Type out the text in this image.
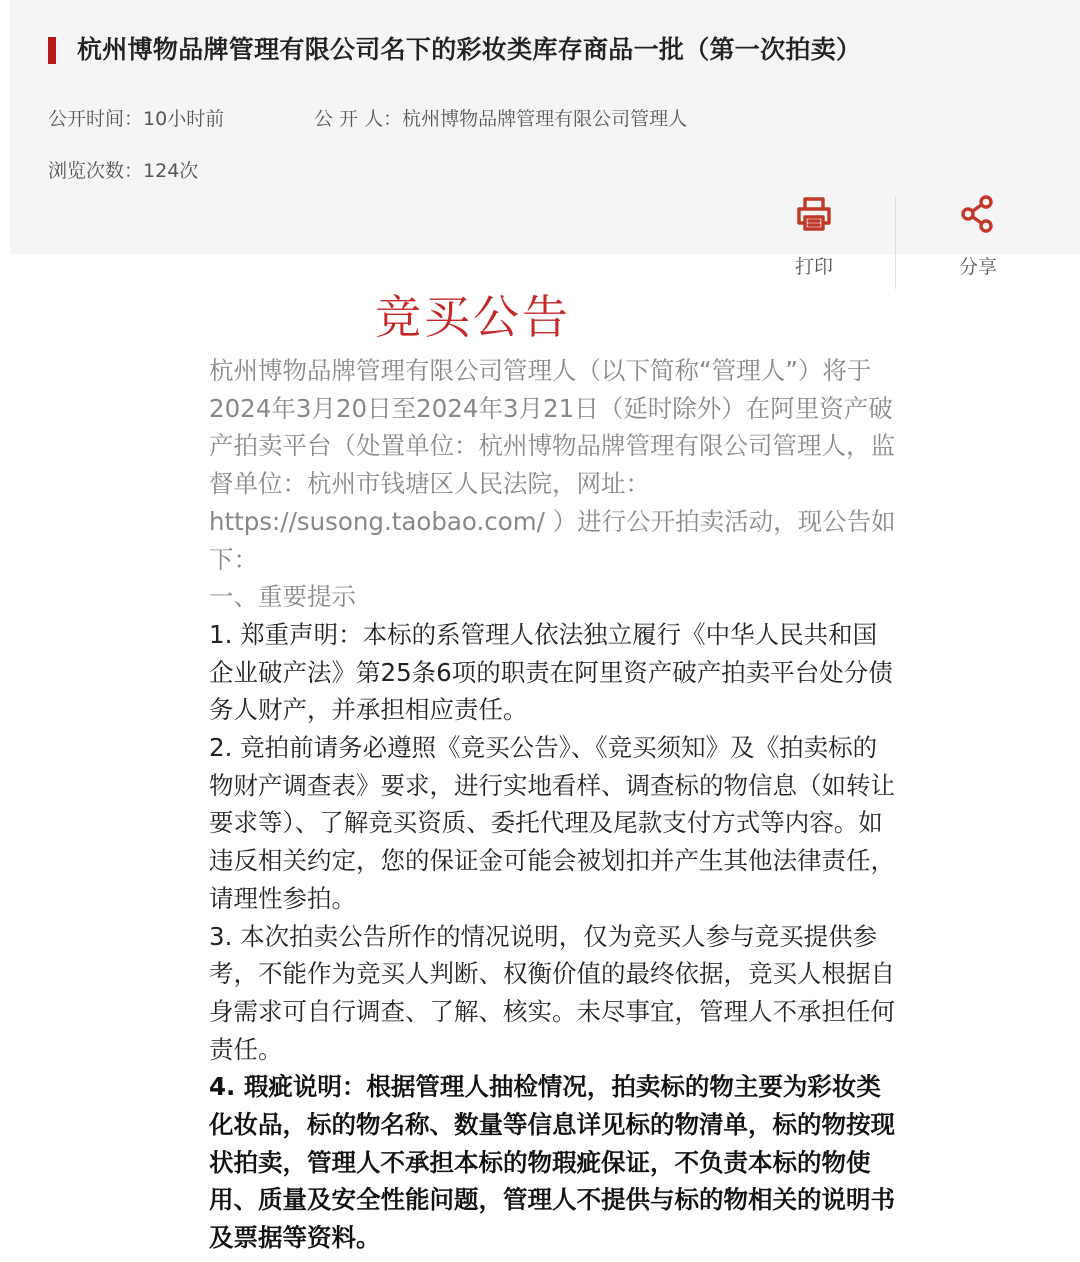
杭州博物品牌管理有限公司名下的彩妆类库存商品一批（第一次拍卖）
公开时间：10小时前	公 开 人：杭州博物品牌管理有限公司管理人
浏览次数：124次
打印	分享
竞买公告

杭州博物品牌管理有限公司管理人（以下简称“管理人”）将于2024年3月20日至2024年3月21日（延时除外）在阿里资产破产拍卖平台（处置单位：杭州博物品牌管理有限公司管理人，监督单位：杭州市钱塘区人民法院，网址：https://susong.taobao.com/ ）进行公开拍卖活动，现公告如下：

一、重要提示

1. 郑重声明：本标的系管理人依法独立履行《中华人民共和国企业破产法》第25条6项的职责在阿里资产破产拍卖平台处分债务人财产，并承担相应责任。

2. 竞拍前请务必遵照《竞买公告》、《竞买须知》及《拍卖标的物财产调查表》要求，进行实地看样、调查标的物信息（如转让要求等）、了解竞买资质、委托代理及尾款支付方式等内容。如违反相关约定，您的保证金可能会被划扣并产生其他法律责任，请理性参拍。

3. 本次拍卖公告所作的情况说明，仅为竞买人参与竞买提供参考，不能作为竞买人判断、权衡价值的最终依据，竞买人根据自身需求可自行调查、了解、核实。未尽事宜，管理人不承担任何责任。

4. 瑕疵说明：根据管理人抽检情况，拍卖标的物主要为彩妆类化妆品，标的物名称、数量等信息详见标的物清单，标的物按现状拍卖，管理人不承担本标的物瑕疵保证，不负责本标的物使用、质量及安全性能问题，管理人不提供与标的物相关的说明书及票据等资料。
